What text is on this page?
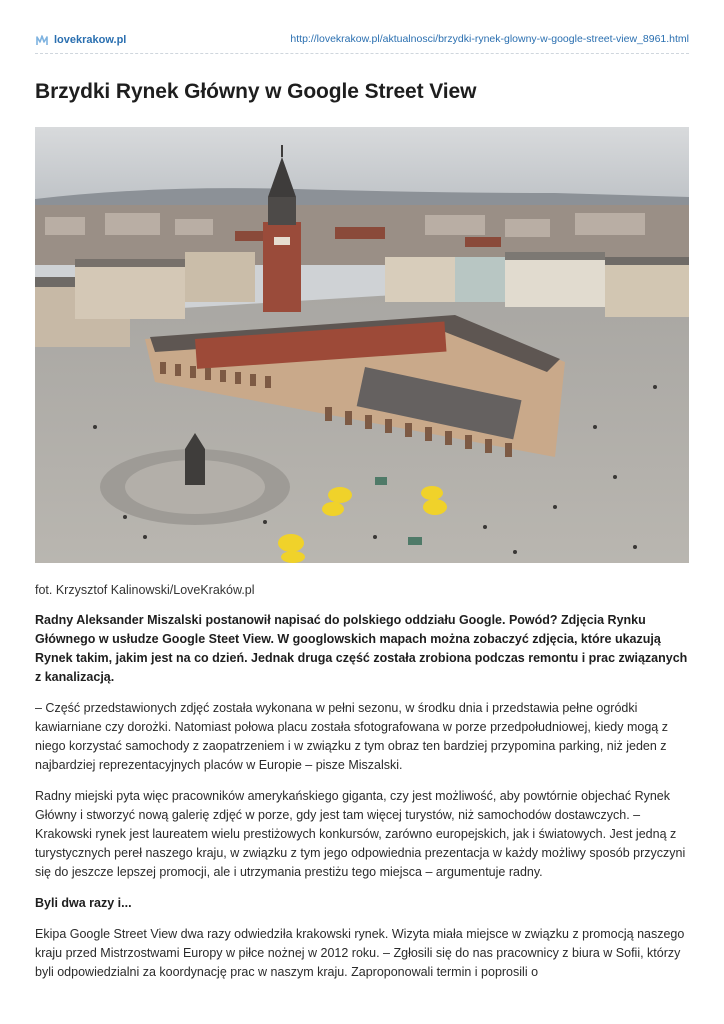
lovekrakow.pl	http://lovekrakow.pl/aktualnosci/brzydki-rynek-glowny-w-google-street-view_8961.html
Brzydki Rynek Główny w Google Street View
fot. Krzysztof Kalinowski/LoveKraków.pl

Radny Aleksander Miszalski postanowił napisać do polskiego oddziału Google. Powód? Zdjęcia Rynku Głównego w usłudze Google Steet View. W googlowskich mapach można zobaczyć zdjęcia, które ukazują Rynek takim, jakim jest na co dzień. Jednak druga część została zrobiona podczas remontu i prac związanych z kanalizacją.

– Część przedstawionych zdjęć została wykonana w pełni sezonu, w środku dnia i przedstawia pełne ogródki kawiarniane czy dorożki. Natomiast połowa placu została sfotografowana w porze przedpołudniowej, kiedy mogą z niego korzystać samochody z zaopatrzeniem i w związku z tym obraz ten bardziej przypomina parking, niż jeden z najbardziej reprezentacyjnych placów w Europie – pisze Miszalski.

Radny miejski pyta więc pracowników amerykańskiego giganta, czy jest możliwość, aby powtórnie objechać Rynek Główny i stworzyć nową galerię zdjęć w porze, gdy jest tam więcej turystów, niż samochodów dostawczych. – Krakowski rynek jest laureatem wielu prestiżowych konkursów, zarówno europejskich, jak i światowych. Jest jedną z turystycznych pereł naszego kraju, w związku z tym jego odpowiednia prezentacja w każdy możliwy sposób przyczyni się do jeszcze lepszej promocji, ale i utrzymania prestiżu tego miejsca – argumentuje radny.

Byli dwa razy i...

Ekipa Google Street View dwa razy odwiedziła krakowski rynek. Wizyta miała miejsce w związku z promocją naszego kraju przed Mistrzostwami Europy w piłce nożnej w 2012 roku. – Zgłosili się do nas pracownicy z biura w Sofii, którzy byli odpowiedzialni za koordynację prac w naszym kraju. Zaproponowali termin i poprosili o
